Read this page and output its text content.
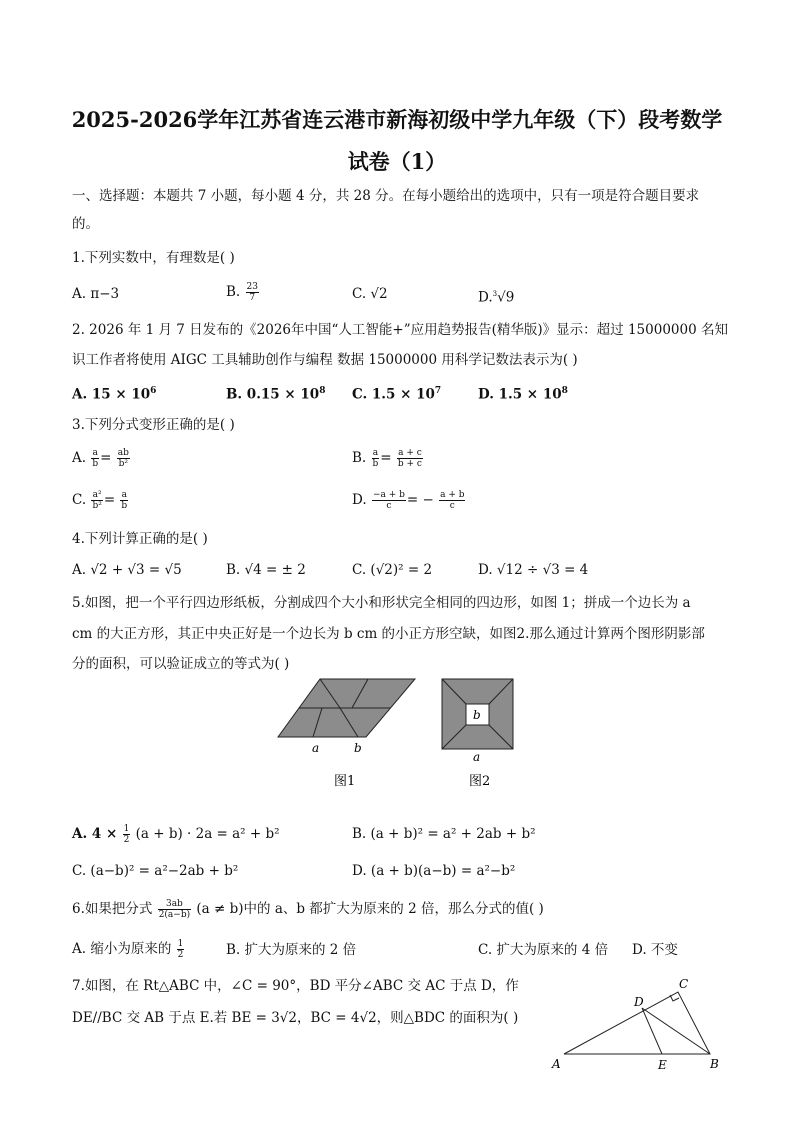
2025-2026学年江苏省连云港市新海初级中学九年级（下）段考数学
试卷（1）
一、选择题：本题共 7 小题，每小题 4 分，共 28 分。在每小题给出的选项中，只有一项是符合题目要求
的。
1.下列实数中，有理数是( )
A. π−3	B. $\frac{23}{7}$	C. √2	D.$^3$√9
2. 2026 年 1 月 7 日发布的《2026年中国“人工智能+”应用趋势报告(精华版)》显示：超过 15000000 名知
识工作者将使用 AIGC 工具辅助创作与编程 数据 15000000 用科学记数法表示为( )
A. $15 \times 10^6$	B. $0.15 \times 10^8$ C. $1.5 \times 10^7$	D. $1.5 \times 10^8$
3.下列分式变形正确的是( )
A. $\frac{a}{b} = \frac{ab}{\text{b²}}$	B. $\frac{a}{b} = \frac{a + c}{b + c}$
C. $\frac{\text{a²}}{\text{b²}} = \frac{a}{b}$	D. $\frac{-a + b}{c}$ = − $\frac{a + b}{c}$
4.下列计算正确的是( )
A. √2 + √3 = √5	B. √4 = ± 2	C. (√2)² = 2	D. √12 ÷ √3 = 4
5.如图，把一个平行四边形纸板，分割成四个大小和形状完全相同的四边形，如图 1；拼成一个边长为 a
cm 的大正方形，其正中央正好是一个边长为 b cm 的小正方形空缺，如图2.那么通过计算两个图形阴影部
分的面积，可以验证成立的等式为( )
a	b
图1
b
a
图2
A. $4 \times \frac{1}{2} (a + b) \cdot 2a = a^2 + b^2$	B. (a + b)² = a² + 2ab + b²
C. (a−b)² = a²−2ab + b²	D. (a + b)(a−b) = a²−b²
6.如果把分式 $\frac{3ab}{2(a-b)} (a \ne b)$中的 a、b 都扩大为原来的 2 倍，那么分式的值( )
A. 缩小为原来的 $\frac{1}{2}$	B. 扩大为原来的 2 倍	C. 扩大为原来的 4 倍 D. 不变
7.如图，在 Rt△ABC 中，∠C = 90°，BD 平分∠ABC 交 AC 于点 D，作
DE//BC 交 AB 于点 E.若 BE = 3√2，BC = 4√2，则△BDC 的面积为( )
A	B
C
D
E
